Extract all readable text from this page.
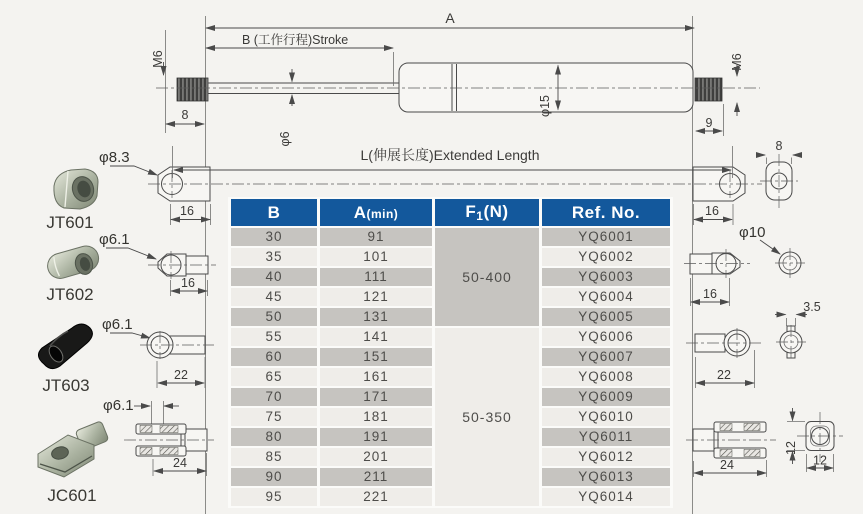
A
B (工作行程)Stroke
8
9
M6	M6
φ6
φ15
L(伸展长度)Extended Length
16	16
φ8.3
JT601
φ6.1
16
JT602
φ6.1
22
JT603
φ6.1
24
JC601
8
φ10
16
3.5
22
24
12
12
B	A(min)	F1(N)	Ref. No.
30	91	50-400	YQ6001
35	101		YQ6002
40	111		YQ6003
45	121		YQ6004
50	131		YQ6005
55	141	50-350	YQ6006
60	151		YQ6007
65	161		YQ6008
70	171		YQ6009
75	181		YQ6010
80	191		YQ6011
85	201		YQ6012
90	211		YQ6013
95	221		YQ6014
